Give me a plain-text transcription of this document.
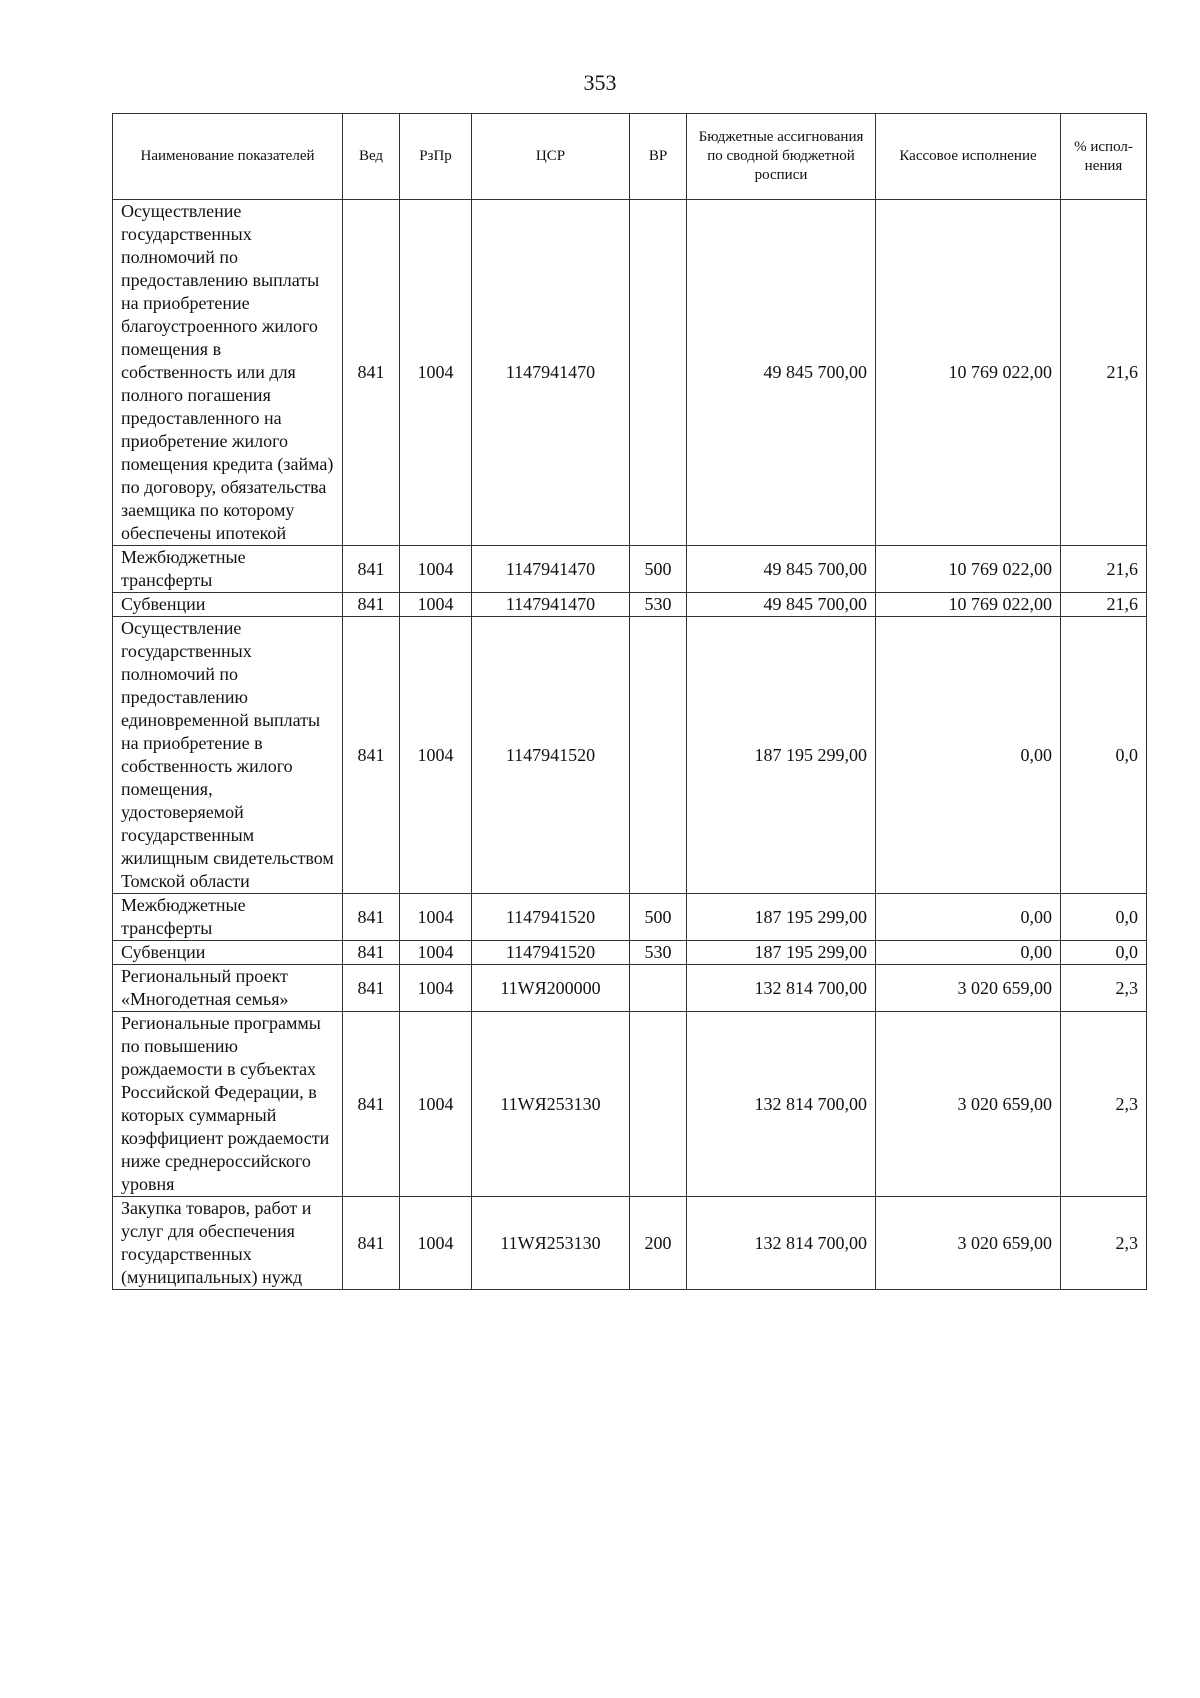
353
Наименование показателей	Вед	РзПр	ЦСР	ВР	Бюджетные ассигнования по сводной бюджетной росписи	Кассовое исполнение	% испол-нения
Осуществление государственных полномочий по предоставлению выплаты на приобретение благоустроенного жилого помещения в собственность или для полного погашения предоставленного на приобретение жилого помещения кредита (займа) по договору, обязательства заемщика по которому обеспечены ипотекой	841	1004	1147941470		49 845 700,00	10 769 022,00	21,6
Межбюджетные трансферты	841	1004	1147941470	500	49 845 700,00	10 769 022,00	21,6
Субвенции	841	1004	1147941470	530	49 845 700,00	10 769 022,00	21,6
Осуществление государственных полномочий по предоставлению единовременной выплаты на приобретение в собственность жилого помещения, удостоверяемой государственным жилищным свидетельством Томской области	841	1004	1147941520		187 195 299,00	0,00	0,0
Межбюджетные трансферты	841	1004	1147941520	500	187 195 299,00	0,00	0,0
Субвенции	841	1004	1147941520	530	187 195 299,00	0,00	0,0
Региональный проект «Многодетная семья»	841	1004	11WЯ200000		132 814 700,00	3 020 659,00	2,3
Региональные программы по повышению рождаемости в субъектах Российской Федерации, в которых суммарный коэффициент рождаемости ниже среднероссийского уровня	841	1004	11WЯ253130		132 814 700,00	3 020 659,00	2,3
Закупка товаров, работ и услуг для обеспечения государственных (муниципальных) нужд	841	1004	11WЯ253130	200	132 814 700,00	3 020 659,00	2,3
